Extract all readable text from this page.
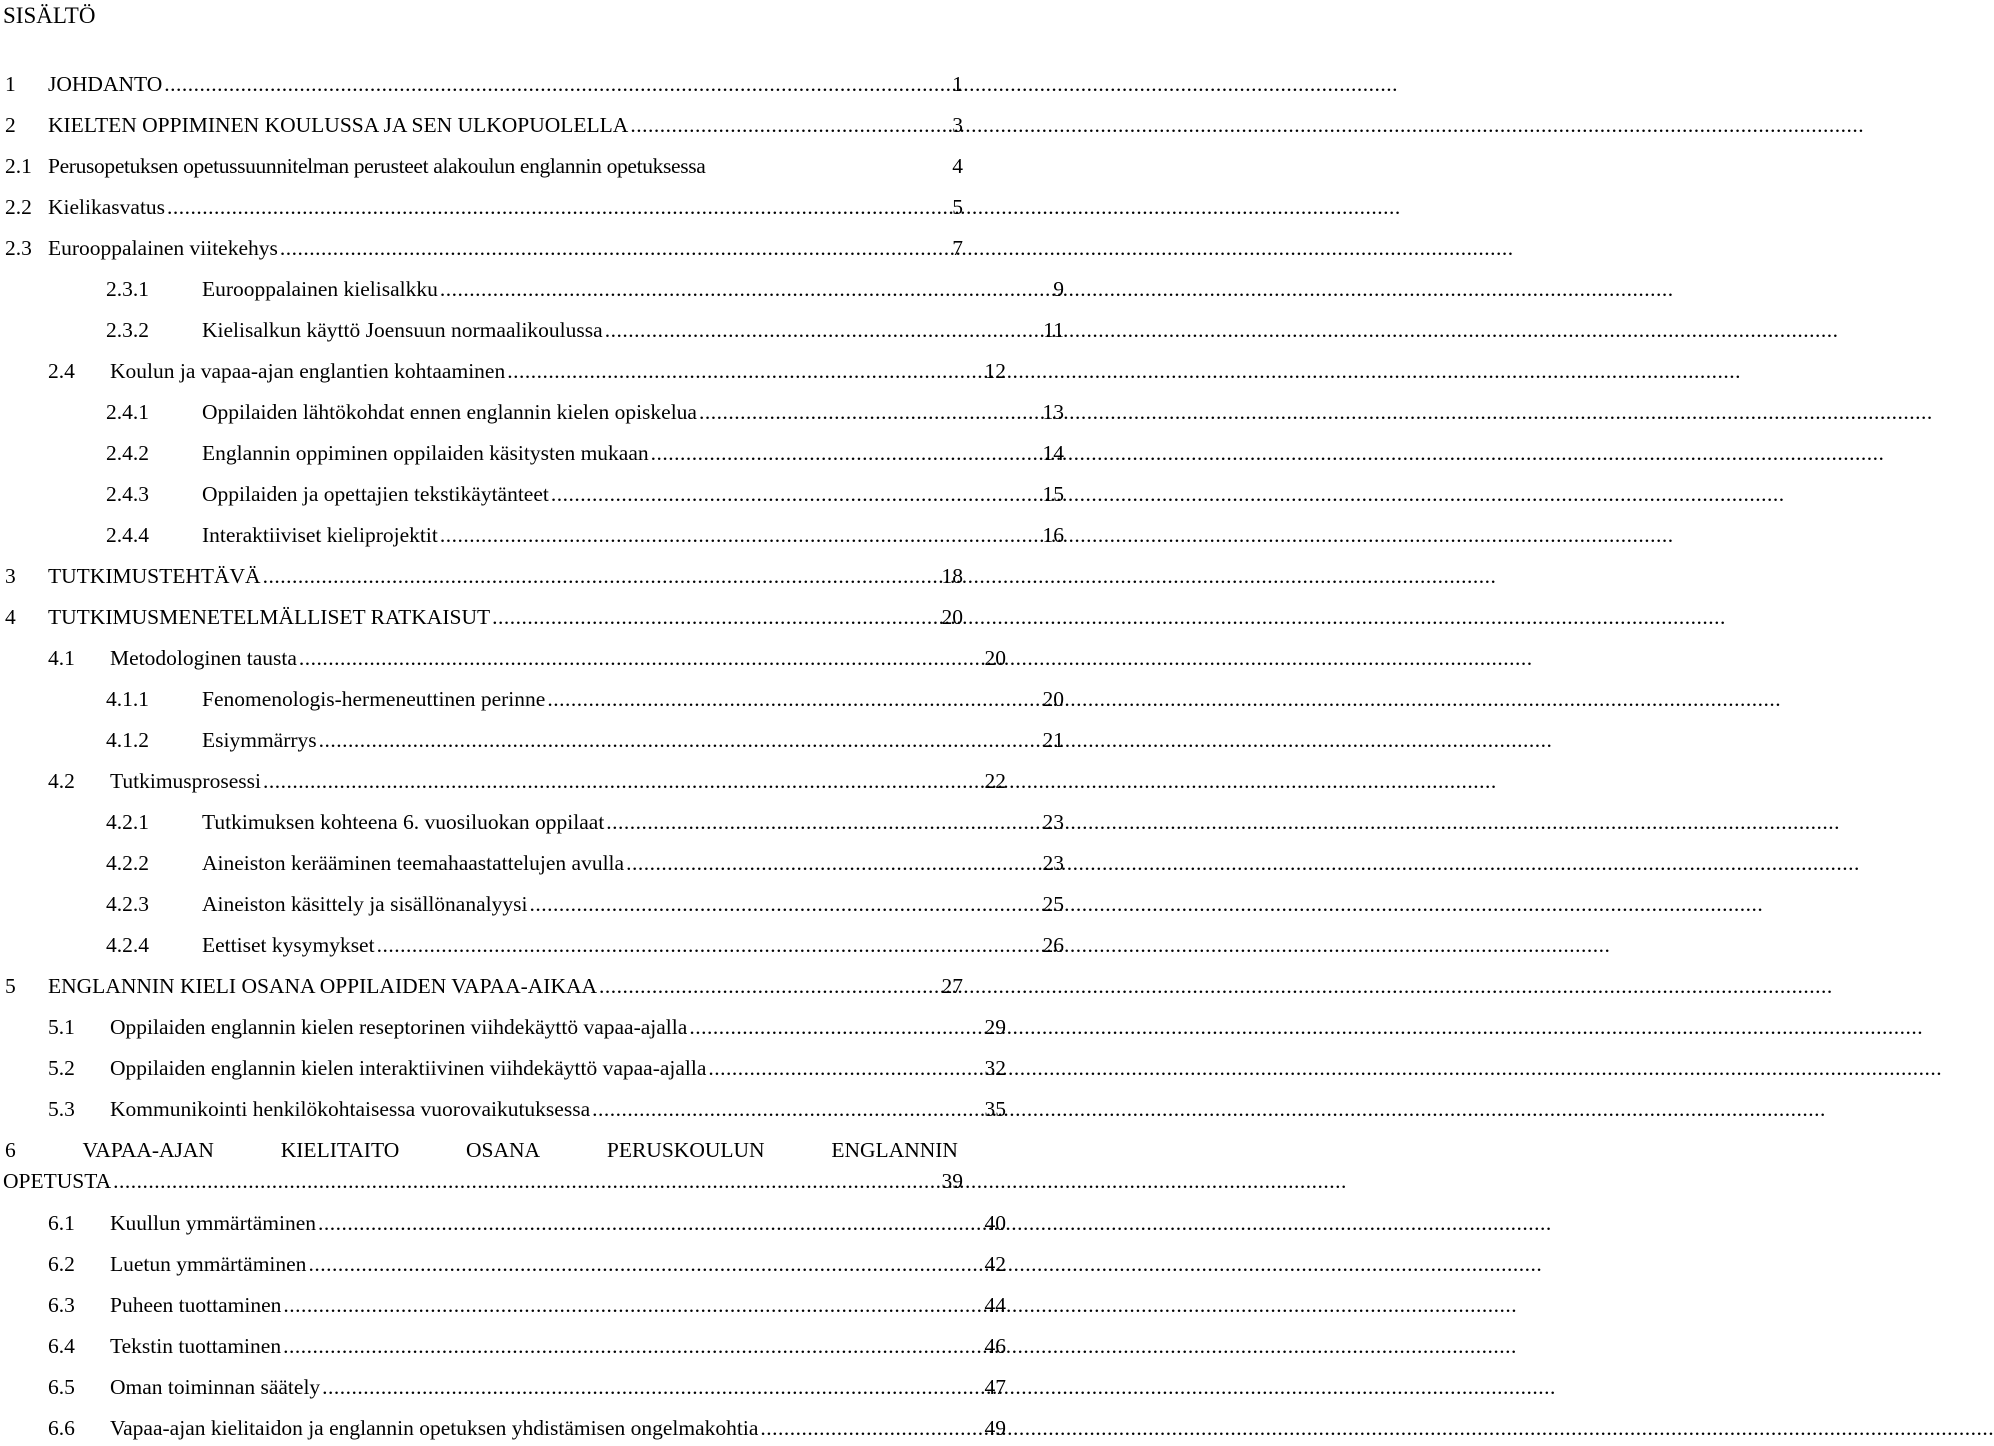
SISÄLTÖ
1	JOHDANTO .....	1
2	KIELTEN OPPIMINEN KOULUSSA JA SEN ULKOPUOLELLA .....	3
2.1 Perusopetuksen opetussuunnitelman perusteet alakoulun englannin opetuksessa	4
2.2 Kielikasvatus .....	5
2.3 Eurooppalainen viitekehys .....	7
2.3.1	Eurooppalainen kielisalkku .....	9
2.3.2	Kielisalkun käyttö Joensuun normaalikoulussa .....	11
2.4	Koulun ja vapaa-ajan englantien kohtaaminen .....	12
2.4.1	Oppilaiden lähtökohdat ennen englannin kielen opiskelua .....	13
2.4.2	Englannin oppiminen oppilaiden käsitysten mukaan .....	14
2.4.3	Oppilaiden ja opettajien tekstikäytänteet .....	15
2.4.4	Interaktiiviset kieliprojektit .....	16
3	TUTKIMUSTEHTÄVÄ .....	18
4	TUTKIMUSMENETELMÄLLISET RATKAISUT .....	20
4.1	Metodologinen tausta .....	20
4.1.1	Fenomenologis-hermeneuttinen perinne .....	20
4.1.2	Esiymmärrys .....	21
4.2	Tutkimusprosessi .....	22
4.2.1	Tutkimuksen kohteena 6. vuosiluokan oppilaat .....	23
4.2.2	Aineiston kerääminen teemahaastattelujen avulla .....	23
4.2.3	Aineiston käsittely ja sisällönanalyysi .....	25
4.2.4	Eettiset kysymykset .....	26
5	ENGLANNIN KIELI OSANA OPPILAIDEN VAPAA-AIKAA .....	27
5.1	Oppilaiden englannin kielen reseptorinen viihdekäyttö vapaa-ajalla .....	29
5.2	Oppilaiden englannin kielen interaktiivinen viihdekäyttö vapaa-ajalla .....	32
5.3	Kommunikointi henkilökohtaisessa vuorovaikutuksessa .....	35
6	VAPAA-AJAN	KIELITAITO	OSANA	PERUSKOULUN	ENGLANNIN
OPETUSTA .....	39
6.1	Kuullun ymmärtäminen .....	40
6.2	Luetun ymmärtäminen .....	42
6.3	Puheen tuottaminen .....	44
6.4	Tekstin tuottaminen .....	46
6.5	Oman toiminnan säätely .....	47
6.6	Vapaa-ajan kielitaidon ja englannin opetuksen yhdistämisen ongelmakohtia .....	49
